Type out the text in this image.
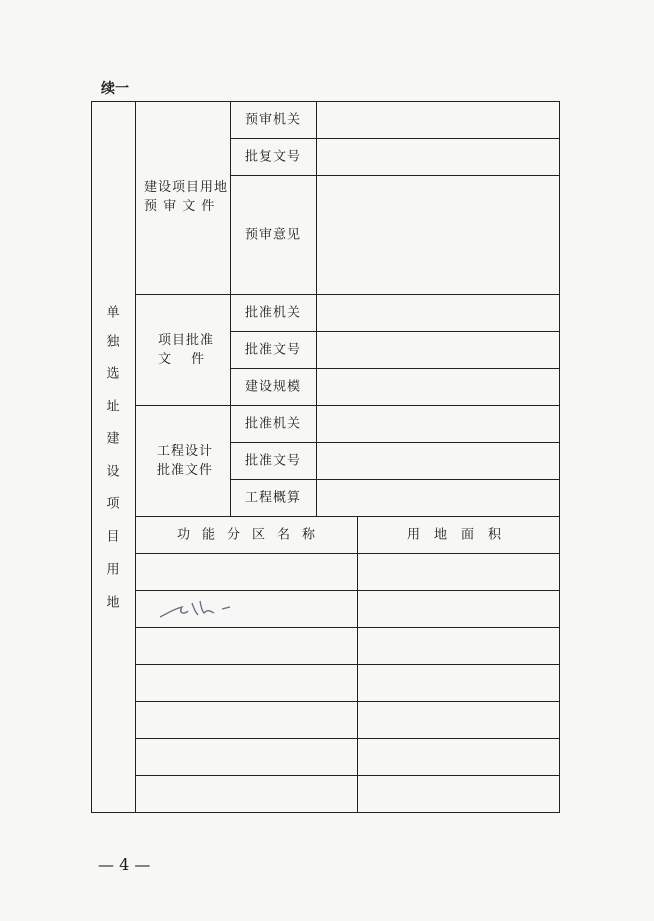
续一
单
独
选
址
建
设
项
目
用
地
建设项目用地
预 审 文 件
预审机关
批复文号
预审意见
项目批准
文　 件
批准机关
批准文号
建设规模
工程设计
批准文件
批准机关
批准文号
工程概算
功能分区名称	用地面积
— 4 —
